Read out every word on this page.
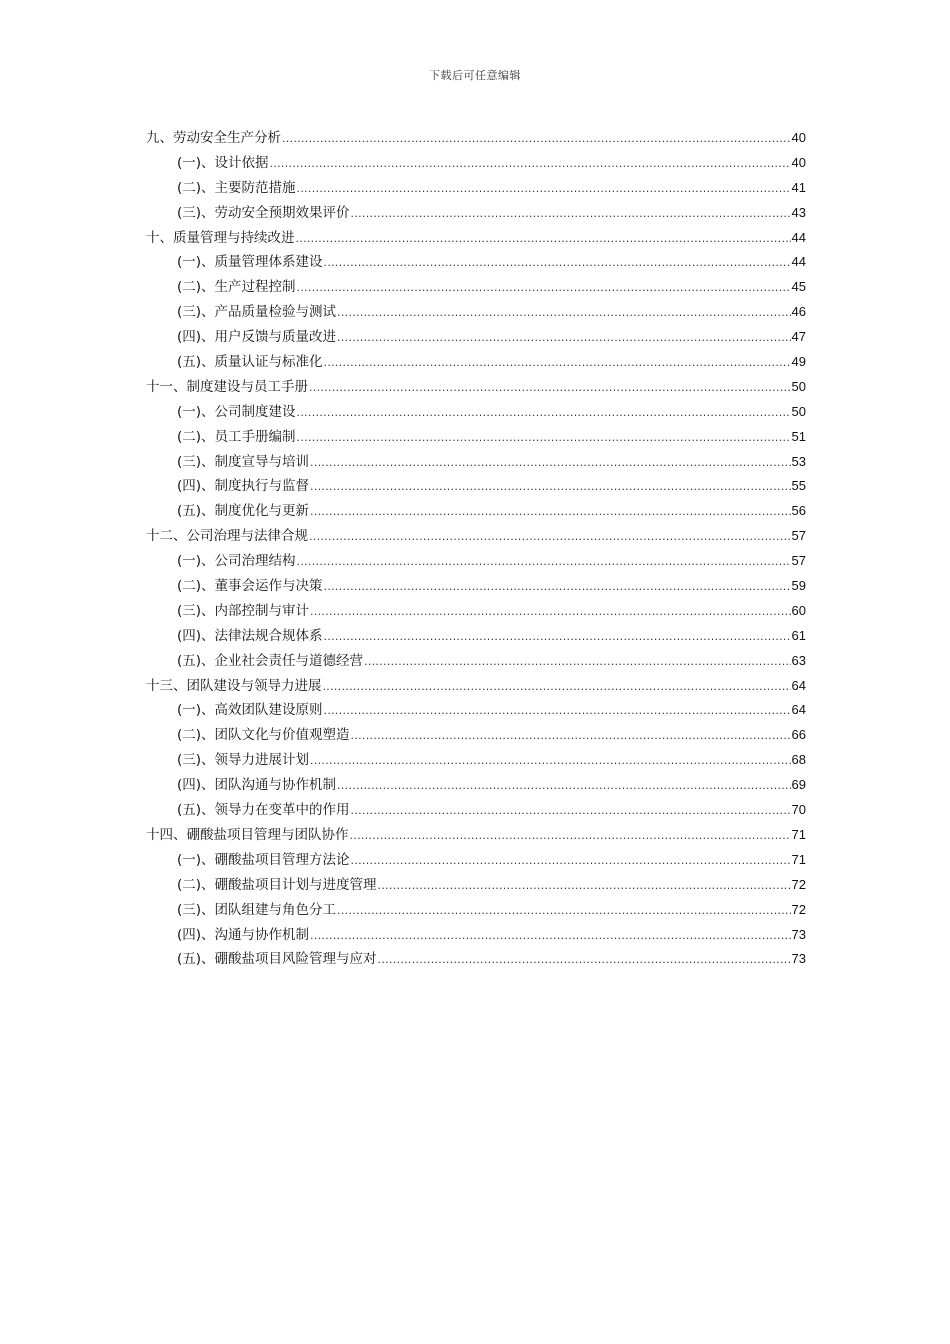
下载后可任意编辑
九、劳动安全生产分析 .....	40
(一)、设计依据 .....	40
(二)、主要防范措施 .....	41
(三)、劳动安全预期效果评价 .....	43
十、质量管理与持续改进 .....	44
(一)、质量管理体系建设 .....	44
(二)、生产过程控制 .....	45
(三)、产品质量检验与测试 .....	46
(四)、用户反馈与质量改进 .....	47
(五)、质量认证与标准化 .....	49
十一、制度建设与员工手册 .....	50
(一)、公司制度建设 .....	50
(二)、员工手册编制 .....	51
(三)、制度宣导与培训 .....	53
(四)、制度执行与监督 .....	55
(五)、制度优化与更新 .....	56
十二、公司治理与法律合规 .....	57
(一)、公司治理结构 .....	57
(二)、董事会运作与决策 .....	59
(三)、内部控制与审计 .....	60
(四)、法律法规合规体系 .....	61
(五)、企业社会责任与道德经营 .....	63
十三、团队建设与领导力进展 .....	64
(一)、高效团队建设原则 .....	64
(二)、团队文化与价值观塑造 .....	66
(三)、领导力进展计划 .....	68
(四)、团队沟通与协作机制 .....	69
(五)、领导力在变革中的作用 .....	70
十四、硼酸盐项目管理与团队协作 .....	71
(一)、硼酸盐项目管理方法论 .....	71
(二)、硼酸盐项目计划与进度管理 .....	72
(三)、团队组建与角色分工 .....	72
(四)、沟通与协作机制 .....	73
(五)、硼酸盐项目风险管理与应对 .....	73
